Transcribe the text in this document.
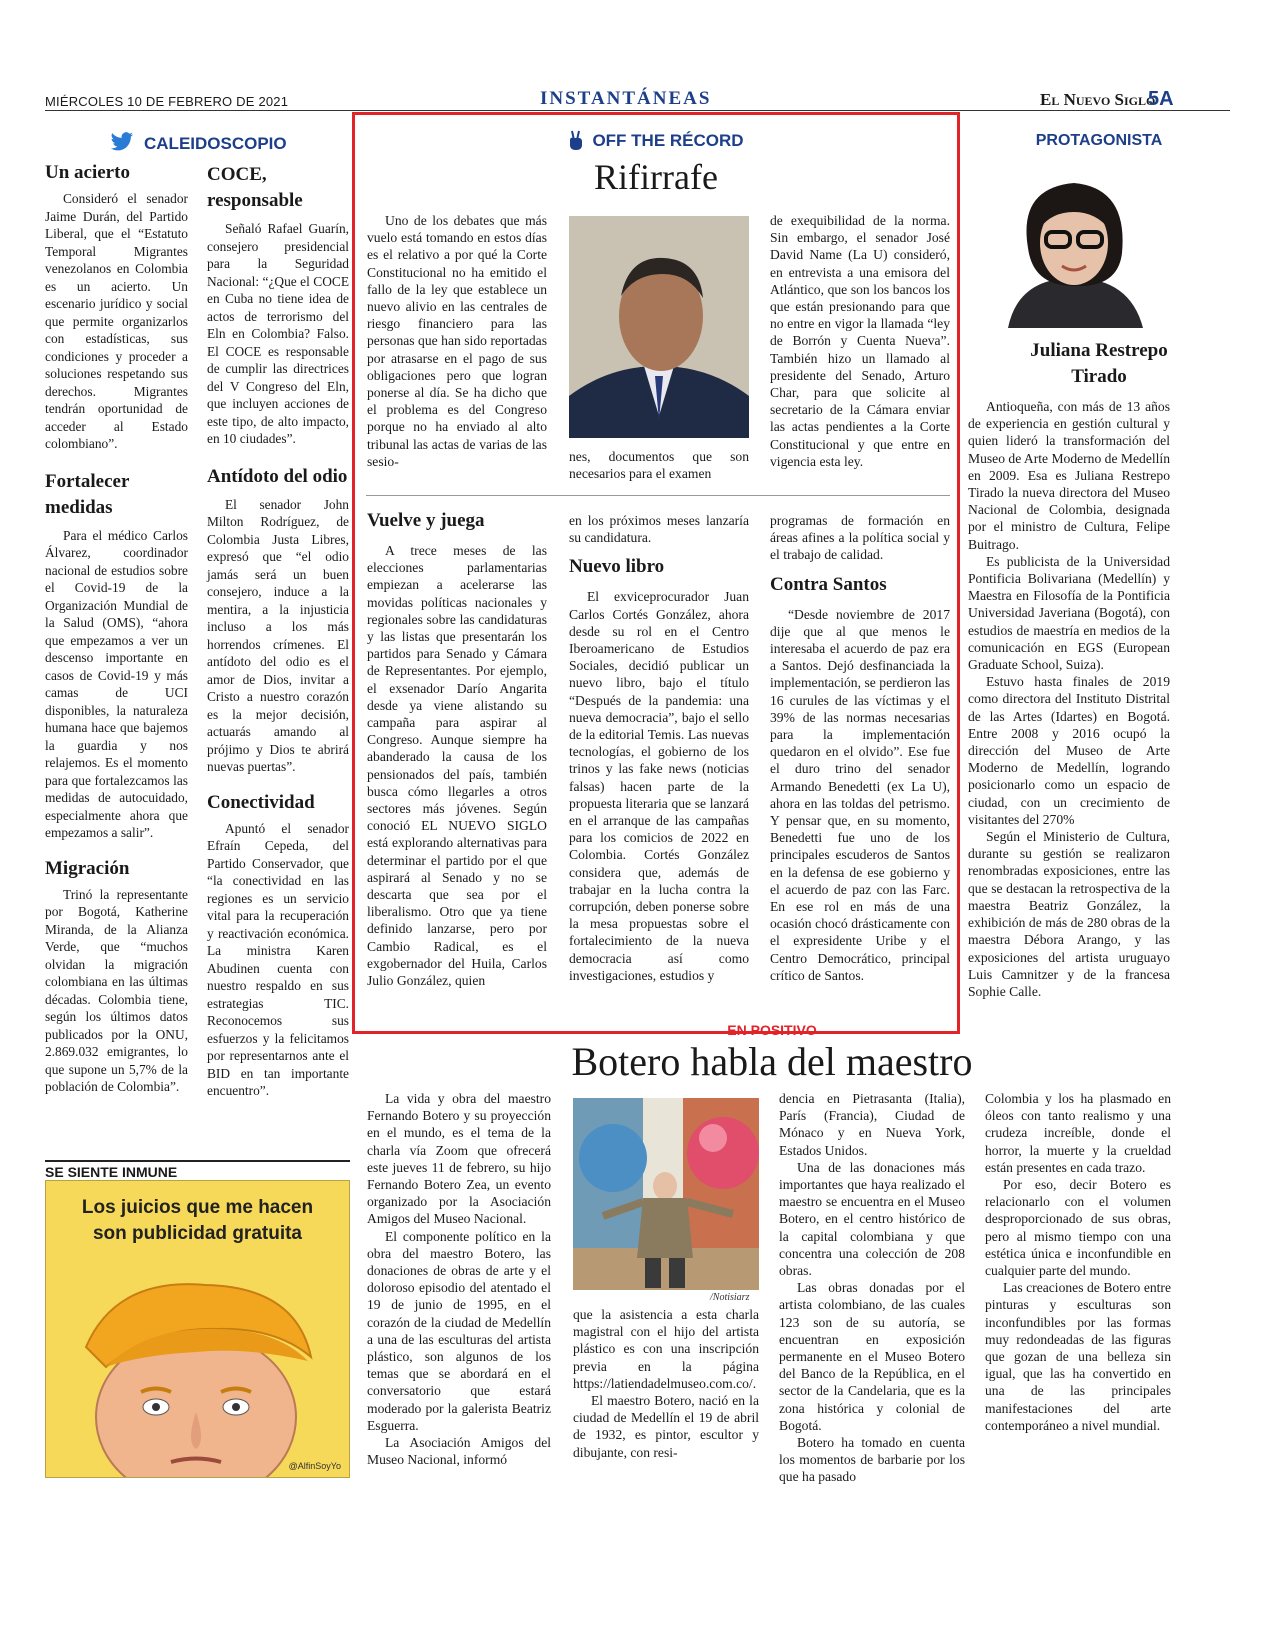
MIÉRCOLES 10 DE FEBRERO DE 2021	INSTANTÁNEAS	El Nuevo Siglo
5A
CALEIDOSCOPIO
Un acierto

Consideró el senador Jaime Durán, del Partido Liberal, que el “Estatuto Temporal Migrantes venezolanos en Colombia es un acierto. Un escenario jurídico y social que permite organizarlos con estadísticas, sus condiciones y proceder a soluciones respetando sus derechos. Migrantes tendrán oportunidad de acceder al Estado colombiano”.

Fortalecer medidas

Para el médico Carlos Álvarez, coordinador nacional de estudios sobre el Covid-19 de la Organización Mundial de la Salud (OMS), “ahora que empezamos a ver un descenso importante en casos de Covid-19 y más camas de UCI disponibles, la naturaleza humana hace que bajemos la guardia y nos relajemos. Es el momento para que fortalezcamos las medidas de autocuidado, especialmente ahora que empezamos a salir”.

Migración

Trinó la representante por Bogotá, Katherine Miranda, de la Alianza Verde, que “muchos olvidan la migración colombiana en las últimas décadas. Colombia tiene, según los últimos datos publicados por la ONU, 2.869.032 emigrantes, lo que supone un 5,7% de la población de Colombia”.

COCE, responsable

Señaló Rafael Guarín, consejero presidencial para la Seguridad Nacional: “¿Que el COCE en Cuba no tiene idea de actos de terrorismo del Eln en Colombia? Falso. El COCE es responsable de cumplir las directrices del V Congreso del Eln, que incluyen acciones de este tipo, de alto impacto, en 10 ciudades”.

Antídoto del odio

El senador John Milton Rodríguez, de Colombia Justa Libres, expresó que “el odio jamás será un buen consejero, induce a la mentira, a la injusticia incluso a los más horrendos crímenes. El antídoto del odio es el amor de Dios, invitar a Cristo a nuestro corazón es la mejor decisión, actuarás amando al prójimo y Dios te abrirá nuevas puertas”.

Conectividad

Apuntó el senador Efraín Cepeda, del Partido Conservador, que “la conectividad en las regiones es un servicio vital para la recuperación y reactivación económica. La ministra Karen Abudinen cuenta con nuestro respaldo en sus estrategias TIC. Reconocemos sus esfuerzos y la felicitamos por representarnos ante el BID en tan importante encuentro”.

SE SIENTE INMUNE
Los juicios que me hacen son publicidad gratuita
@AlfinSoyYo
OFF THE RÉCORD
Rifirrafe

Uno de los debates que más vuelo está tomando en estos días es el relativo a por qué la Corte Constitucional no ha emitido el fallo de la ley que establece un nuevo alivio en las centrales de riesgo financiero para las personas que han sido reportadas por atrasarse en el pago de sus obligaciones pero que logran ponerse al día. Se ha dicho que el problema es del Congreso porque no ha enviado al alto tribunal las actas de varias de las sesio-	nes, documentos que son necesarios para el examen

de exequibilidad de la norma. Sin embargo, el senador José David Name (La U) consideró, en entrevista a una emisora del Atlántico, que son los bancos los que están presionando para que no entre en vigor la llamada “ley de Borrón y Cuenta Nueva”. También hizo un llamado al presidente del Senado, Arturo Char, para que solicite al secretario de la Cámara enviar las actas pendientes a la Corte Constitucional y que entre en vigencia esta ley.

Vuelve y juega

A trece meses de las elecciones parlamentarias empiezan a acelerarse las movidas políticas nacionales y regionales sobre las candidaturas y las listas que presentarán los partidos para Senado y Cámara de Representantes. Por ejemplo, el exsenador Darío Angarita desde ya viene alistando su campaña para aspirar al Congreso. Aunque siempre ha abanderado la causa de los pensionados del país, también busca cómo llegarles a otros sectores más jóvenes. Según conoció EL NUEVO SIGLO está explorando alternativas para determinar el partido por el que aspirará al Senado y no se descarta que sea por el liberalismo. Otro que ya tiene definido lanzarse, pero por Cambio Radical, es el exgobernador del Huila, Carlos Julio González, quien

en los próximos meses lanzaría su candidatura.

Nuevo libro

El exviceprocurador Juan Carlos Cortés González, ahora desde su rol en el Centro Iberoamericano de Estudios Sociales, decidió publicar un nuevo libro, bajo el título “Después de la pandemia: una nueva democracia”, bajo el sello de la editorial Temis. Las nuevas tecnologías, el gobierno de los trinos y las fake news (noticias falsas) hacen parte de la propuesta literaria que se lanzará en el arranque de las campañas para los comicios de 2022 en Colombia. Cortés González considera que, además de trabajar en la lucha contra la corrupción, deben ponerse sobre la mesa propuestas sobre el fortalecimiento de la nueva democracia así como investigaciones, estudios y

programas de formación en áreas afines a la política social y el trabajo de calidad.

Contra Santos

“Desde noviembre de 2017 dije que al que menos le interesaba el acuerdo de paz era a Santos. Dejó desfinanciada la implementación, se perdieron las 16 curules de las víctimas y el 39% de las normas necesarias para la implementación quedaron en el olvido”. Ese fue el duro trino del senador Armando Benedetti (ex La U), ahora en las toldas del petrismo. Y pensar que, en su momento, Benedetti fue uno de los principales escuderos de Santos en la defensa de ese gobierno y el acuerdo de paz con las Farc. En ese rol en más de una ocasión chocó drásticamente con el expresidente Uribe y el Centro Democrático, principal crítico de Santos.

PROTAGONISTA
Juliana Restrepo Tirado

Antioqueña, con más de 13 años de experiencia en gestión cultural y quien lideró la transformación del Museo de Arte Moderno de Medellín en 2009. Esa es Juliana Restrepo Tirado la nueva directora del Museo Nacional de Colombia, designada por el ministro de Cultura, Felipe Buitrago.

Es publicista de la Universidad Pontificia Bolivariana (Medellín) y Maestra en Filosofía de la Pontificia Universidad Javeriana (Bogotá), con estudios de maestría en medios de la comunicación en EGS (European Graduate School, Suiza).

Estuvo hasta finales de 2019 como directora del Instituto Distrital de las Artes (Idartes) en Bogotá. Entre 2008 y 2016 ocupó la dirección del Museo de Arte Moderno de Medellín, logrando posicionarlo como un espacio de ciudad, con un crecimiento de visitantes del 270%

Según el Ministerio de Cultura, durante su gestión se realizaron renombradas exposiciones, entre las que se destacan la retrospectiva de la maestra Beatriz González, la exhibición de más de 280 obras de la maestra Débora Arango, y las exposiciones del artista uruguayo Luis Camnitzer y de la francesa Sophie Calle.

EN POSITIVO
Botero habla del maestro

La vida y obra del maestro Fernando Botero y su proyección en el mundo, es el tema de la charla vía Zoom que ofrecerá este jueves 11 de febrero, su hijo Fernando Botero Zea, un evento organizado por la Asociación Amigos del Museo Nacional.

El componente político en la obra del maestro Botero, las donaciones de obras de arte y el doloroso episodio del atentado el 19 de junio de 1995, en el corazón de la ciudad de Medellín a una de las esculturas del artista plástico, son algunos de los temas que se abordará en el conversatorio que estará moderado por la galerista Beatriz Esguerra.

La Asociación Amigos del Museo Nacional, informó

/Notisiarz

que la asistencia a esta charla magistral con el hijo del artista plástico es con una inscripción previa en la página https://latiendadelmuseo.com.co/.

El maestro Botero, nació en la ciudad de Medellín el 19 de abril de 1932, es pintor, escultor y dibujante, con resi-

dencia en Pietrasanta (Italia), París (Francia), Ciudad de Mónaco y en Nueva York, Estados Unidos.

Una de las donaciones más importantes que haya realizado el maestro se encuentra en el Museo Botero, en el centro histórico de la capital colombiana y que concentra una colección de 208 obras.

Las obras donadas por el artista colombiano, de las cuales 123 son de su autoría, se encuentran en exposición permanente en el Museo Botero del Banco de la República, en el sector de la Candelaria, que es la zona histórica y colonial de Bogotá.

Botero ha tomado en cuenta los momentos de barbarie por los que ha pasado

Colombia y los ha plasmado en óleos con tanto realismo y una crudeza increíble, donde el horror, la muerte y la crueldad están presentes en cada trazo.

Por eso, decir Botero es relacionarlo con el volumen desproporcionado de sus obras, pero al mismo tiempo con una estética única e inconfundible en cualquier parte del mundo.

Las creaciones de Botero entre pinturas y esculturas son inconfundibles por las formas muy redondeadas de las figuras que gozan de una belleza sin igual, que las ha convertido en una de las principales manifestaciones del arte contemporáneo a nivel mundial.
